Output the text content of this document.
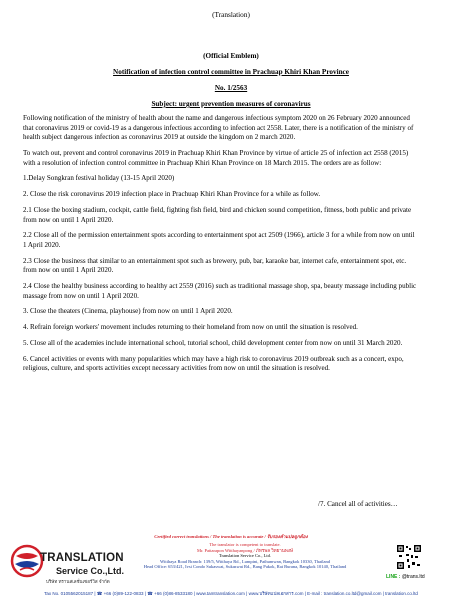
(Translation)
(Official Emblem)
Notification of infection control committee in Prachuap Khiri Khan Province
No. 1/2563
Subject: urgent prevention measures of coronavirus

Following notification of the ministry of health about the name and dangerous infectious symptom 2020 on 26 February 2020 announced that coronavirus 2019 or covid-19 as a dangerous infectious according to infection act 2558. Later, there is a notification of the ministry of health subject dangerous infection as coronavirus 2019 at outside the kingdom on 2 march 2020.

To watch out, prevent and control coronavirus 2019 in Prachuap Khiri Khan Province by virtue of article 25 of infection act 2558 (2015) with a resolution of infection control committee in Prachuap Khiri Khan Province on 18 March 2015. The orders are as follow:

1.Delay Songkran festival holiday (13-15 April 2020)

2. Close the risk coronavirus 2019 infection place in Prachuap Khiri Khan Province for a while as follow.

2.1 Close the boxing stadium, cockpit, cattle field, fighting fish field, bird and chicken sound competition, fitness, both public and private from now on until 1 April 2020.

2.2 Close all of the permission entertainment spots according to entertainment spot act 2509 (1966), article 3 for a while from now on until 1 April 2020.

2.3 Close the business that similar to an entertainment spot such as brewery, pub, bar, karaoke bar, internet cafe, entertainment spot, etc. from now on until 1 April 2020.

2.4 Close the healthy business according to healthy act 2559 (2016) such as traditional massage shop, spa, beauty massage including public massage from now on until 1 April 2020.

3. Close the theaters (Cinema, playhouse) from now on until 1 April 2020.

4. Refrain foreign workers' movement includes returning to their homeland from now on until the situation is resolved.

5. Close all of the academies include international school, tutorial school, child development center from now on until 31 March 2020.

6. Cancel activities or events with many popularities which may have a high risk to coronavirus 2019 outbreak such as a concert, expo, religious, culture, and sports activities except necessary activities from now on until the situation is resolved.

/7. Cancel all of activities…
Certified correct translations / The translation is accurate / รับรองคำแปลถูกต้อง
TRANSLATION
Service Co.,Ltd.
บริษัท ทรานสเลชั่นเซอร์วิส จำกัด
The translator is competent to translate.
Mr. Pattarapon Witthayanpong / ภัทรพล วิทยานพงษ์
Translation Service Co., Ltd.
Witthaya Road Branch: 139/5, Witthaya Rd., Lumpini, Pathumwan, Bangkok 10330, Thailand
Head Office: 653/421, Ivsi Condo Sukaswat, Sukaswat Rd., Bang Pakok, Rat Burana, Bangkok 10140, Thailand
LINE : @trans.ltd
Tax No. 0105562015187 | ☎ +66 (0)89-122-0833 | ☎ +66 (0)86-8533180 | www.tamtranslation.com | www.บริษัทแปลเอกสาร.com | E-mail : translation.co.ltd@gmail.com | translation.co.ltd
